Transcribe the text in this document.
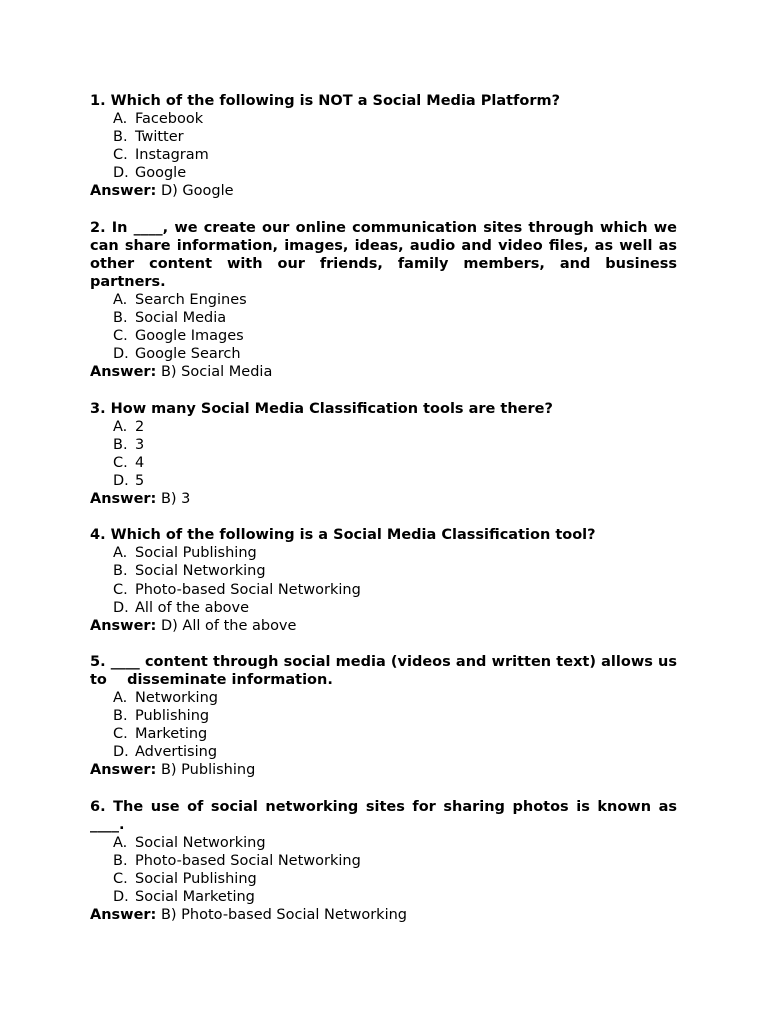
1. Which of the following is NOT a Social Media Platform?
A. Facebook
B. Twitter
C. Instagram
D. Google
Answer: D) Google
2. In ____, we create our online communication sites through which we     can share information, images, ideas, audio and video files, as well as     other content with our friends, family members, and business partners.
A. Search Engines
B. Social Media
C. Google Images
D. Google Search
Answer: B) Social Media
3. How many Social Media Classification tools are there?
A. 2
B. 3
C. 4
D. 5
Answer: B) 3
4. Which of the following is a Social Media Classification tool?
A. Social Publishing
B. Social Networking
C. Photo-based Social Networking
D. All of the above
Answer: D) All of the above
5. ____ content through social media (videos and written text) allows us to    disseminate information.
A. Networking
B. Publishing
C. Marketing
D. Advertising
Answer: B) Publishing
6. The use of social networking sites for sharing photos is known as ____.
A. Social Networking
B. Photo-based Social Networking
C. Social Publishing
D. Social Marketing
Answer: B) Photo-based Social Networking
